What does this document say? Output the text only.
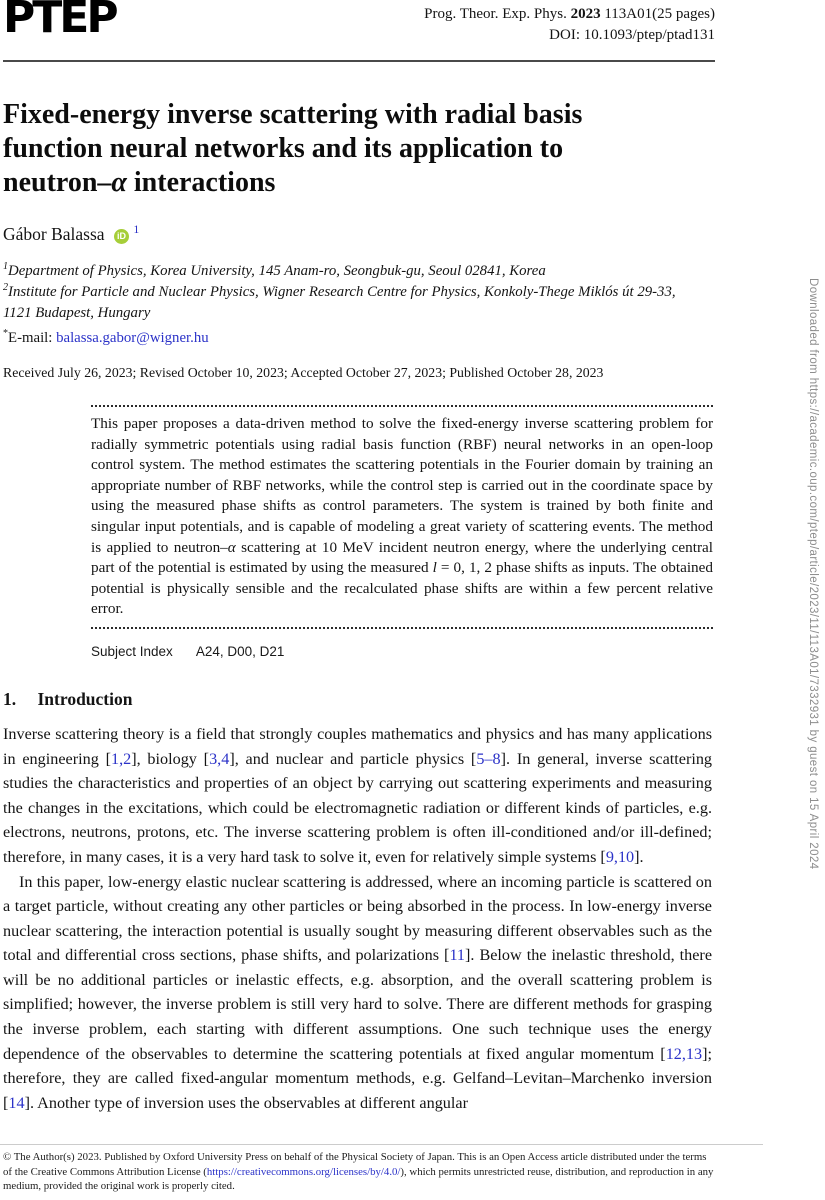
Downloaded from https://academic.oup.com/ptep/article/2023/11/113A01/7332931 by guest on 15 April 2024
PTEP	Prog. Theor. Exp. Phys. 2023 113A01(25 pages)
DOI: 10.1093/ptep/ptad131
Fixed-energy inverse scattering with radial basis
function neural networks and its application to
neutron–α interactions
Gábor Balassa iD $^1$
$^1$Department of Physics, Korea University, 145 Anam-ro, Seongbuk-gu, Seoul 02841, Korea
$^2$Institute for Particle and Nuclear Physics, Wigner Research Centre for Physics, Konkoly-Thege Miklós út 29-33, 1121 Budapest, Hungary
*E-mail: balassa.gabor@wigner.hu
Received July 26, 2023; Revised October 10, 2023; Accepted October 27, 2023; Published October 28, 2023

This paper proposes a data-driven method to solve the fixed-energy inverse scattering problem for radially symmetric potentials using radial basis function (RBF) neural networks in an open-loop control system. The method estimates the scattering potentials in the Fourier domain by training an appropriate number of RBF networks, while the control step is carried out in the coordinate space by using the measured phase shifts as control parameters. The system is trained by both finite and singular input potentials, and is capable of modeling a great variety of scattering events. The method is applied to neutron–α scattering at 10 MeV incident neutron energy, where the underlying central part of the potential is estimated by using the measured l = 0, 1, 2 phase shifts as inputs. The obtained potential is physically sensible and the recalculated phase shifts are within a few percent relative error.

Subject Index A24, D00, D21
1. Introduction

Inverse scattering theory is a field that strongly couples mathematics and physics and has many applications in engineering [1,2], biology [3,4], and nuclear and particle physics [5–8]. In general, inverse scattering studies the characteristics and properties of an object by carrying out scattering experiments and measuring the changes in the excitations, which could be electromagnetic radiation or different kinds of particles, e.g. electrons, neutrons, protons, etc. The inverse scattering problem is often ill-conditioned and/or ill-defined; therefore, in many cases, it is a very hard task to solve it, even for relatively simple systems [9,10].

In this paper, low-energy elastic nuclear scattering is addressed, where an incoming particle is scattered on a target particle, without creating any other particles or being absorbed in the process. In low-energy inverse nuclear scattering, the interaction potential is usually sought by measuring different observables such as the total and differential cross sections, phase shifts, and polarizations [11]. Below the inelastic threshold, there will be no additional particles or inelastic effects, e.g. absorption, and the overall scattering problem is simplified; however, the inverse problem is still very hard to solve. There are different methods for grasping the inverse problem, each starting with different assumptions. One such technique uses the energy dependence of the observables to determine the scattering potentials at fixed angular momentum [12,13]; therefore, they are called fixed-angular momentum methods, e.g. Gelfand–Levitan–Marchenko inversion [14]. Another type of inversion uses the observables at different angular

© The Author(s) 2023. Published by Oxford University Press on behalf of the Physical Society of Japan. This is an Open Access article distributed under the terms of the Creative Commons Attribution License (https://creativecommons.org/licenses/by/4.0/), which permits unrestricted reuse, distribution, and reproduction in any medium, provided the original work is properly cited.
